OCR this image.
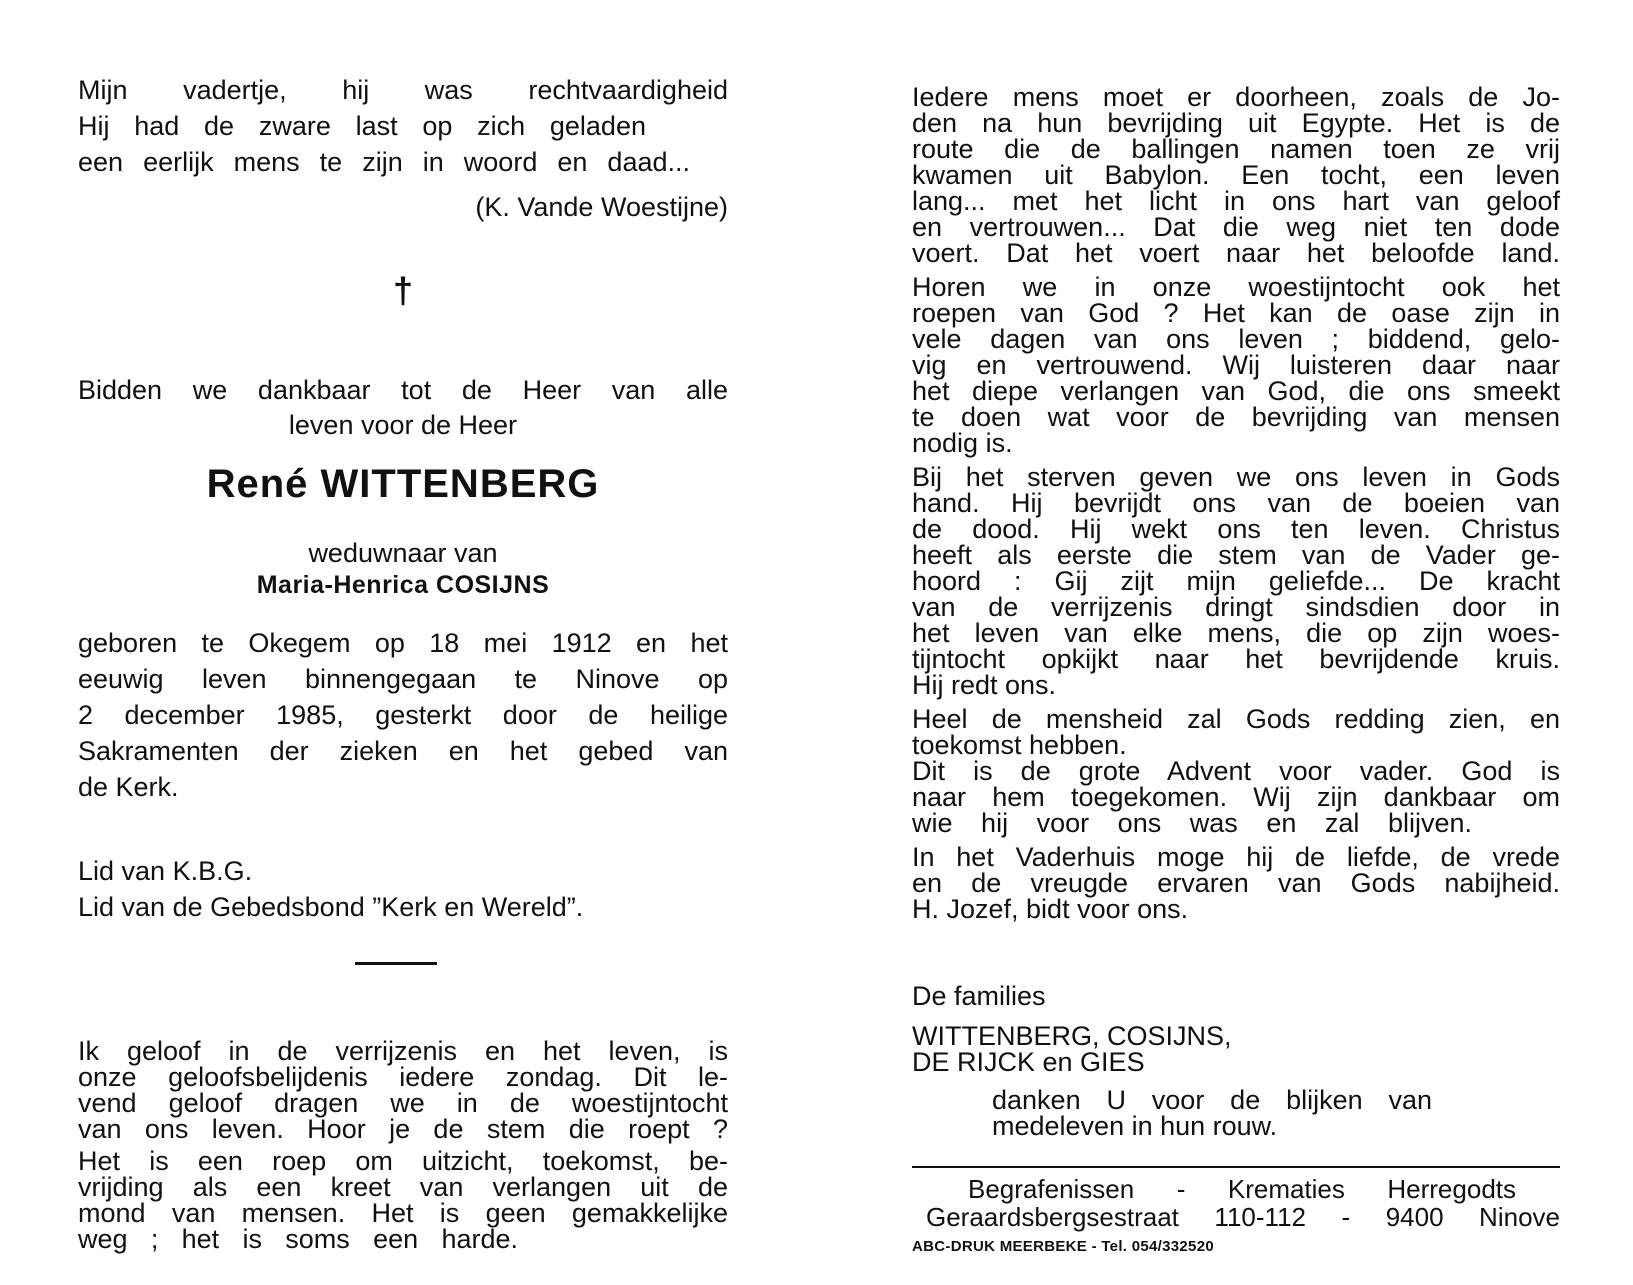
Mijn vadertje, hij was rechtvaardigheid
Hij had de zware last op zich geladen
een eerlijk mens te zijn in woord en daad...
(K. Vande Woestijne)
†
Bidden we dankbaar tot de Heer van alle
leven voor de Heer
René WITTENBERG
weduwnaar van
Maria-Henrica COSIJNS
geboren te Okegem op 18 mei 1912 en het
eeuwig leven binnengegaan te Ninove op
2 december 1985, gesterkt door de heilige
Sakramenten der zieken en het gebed van
de Kerk.
Lid van K.B.G.
Lid van de Gebedsbond ”Kerk en Wereld”.
Ik geloof in de verrijzenis en het leven, is
onze geloofsbelijdenis iedere zondag. Dit le-
vend geloof dragen we in de woestijntocht
van ons leven. Hoor je de stem die roept ?
Het is een roep om uitzicht, toekomst, be-
vrijding als een kreet van verlangen uit de
mond van mensen. Het is geen gemakkelijke
weg ; het is soms een harde.
Iedere mens moet er doorheen, zoals de Jo-
den na hun bevrijding uit Egypte. Het is de
route die de ballingen namen toen ze vrij
kwamen uit Babylon. Een tocht, een leven
lang... met het licht in ons hart van geloof
en vertrouwen... Dat die weg niet ten dode
voert. Dat het voert naar het beloofde land.
Horen we in onze woestijntocht ook het
roepen van God ? Het kan de oase zijn in
vele dagen van ons leven ; biddend, gelo-
vig en vertrouwend. Wij luisteren daar naar
het diepe verlangen van God, die ons smeekt
te doen wat voor de bevrijding van mensen
nodig is.
Bij het sterven geven we ons leven in Gods
hand. Hij bevrijdt ons van de boeien van
de dood. Hij wekt ons ten leven. Christus
heeft als eerste die stem van de Vader ge-
hoord : Gij zijt mijn geliefde... De kracht
van de verrijzenis dringt sindsdien door in
het leven van elke mens, die op zijn woes-
tijntocht opkijkt naar het bevrijdende kruis.
Hij redt ons.
Heel de mensheid zal Gods redding zien, en
toekomst hebben.
Dit is de grote Advent voor vader. God is
naar hem toegekomen. Wij zijn dankbaar om
wie hij voor ons was en zal blijven.
In het Vaderhuis moge hij de liefde, de vrede
en de vreugde ervaren van Gods nabijheid.
H. Jozef, bidt voor ons.
De families
WITTENBERG, COSIJNS,
DE RIJCK en GIES
danken U voor de blijken van
medeleven in hun rouw.
Begrafenissen - Krematies Herregodts
Geraardsbergsestraat 110-112 - 9400 Ninove
ABC-DRUK MEERBEKE - Tel. 054/332520
